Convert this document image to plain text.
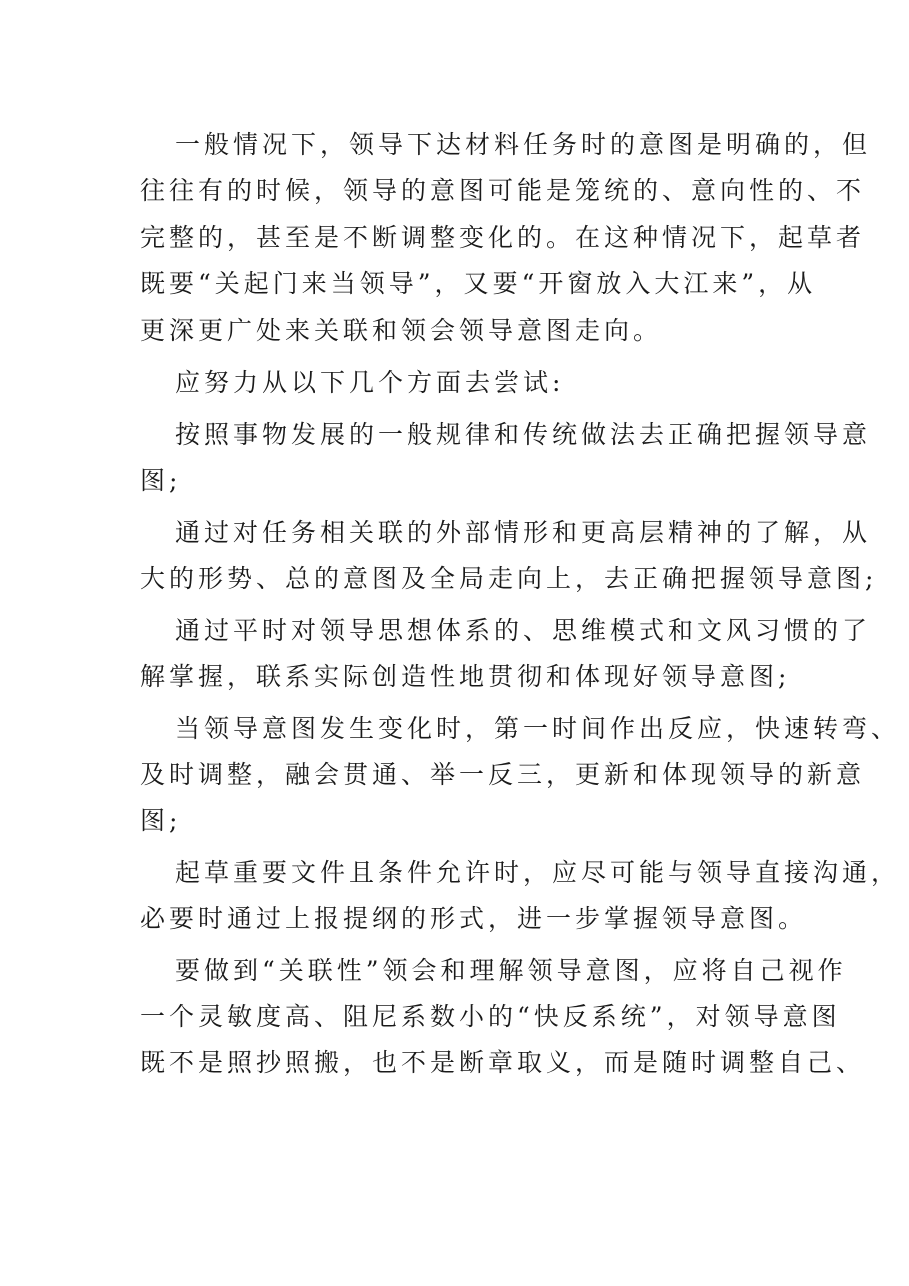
一般情况下，领导下达材料任务时的意图是明确的，但
往往有的时候，领导的意图可能是笼统的、意向性的、不
完整的，甚至是不断调整变化的。在这种情况下，起草者
既要“关起门来当领导”，又要“开窗放入大江来”，从
更深更广处来关联和领会领导意图走向。
应努力从以下几个方面去尝试:
按照事物发展的一般规律和传统做法去正确把握领导意
图;
通过对任务相关联的外部情形和更高层精神的了解，从
大的形势、总的意图及全局走向上，去正确把握领导意图;
通过平时对领导思想体系的、思维模式和文风习惯的了
解掌握，联系实际创造性地贯彻和体现好领导意图;
当领导意图发生变化时，第一时间作出反应，快速转弯、
及时调整，融会贯通、举一反三，更新和体现领导的新意
图;
起草重要文件且条件允许时，应尽可能与领导直接沟通，
必要时通过上报提纲的形式，进一步掌握领导意图。
要做到“关联性”领会和理解领导意图，应将自己视作
一个灵敏度高、阻尼系数小的“快反系统”，对领导意图
既不是照抄照搬，也不是断章取义，而是随时调整自己、
